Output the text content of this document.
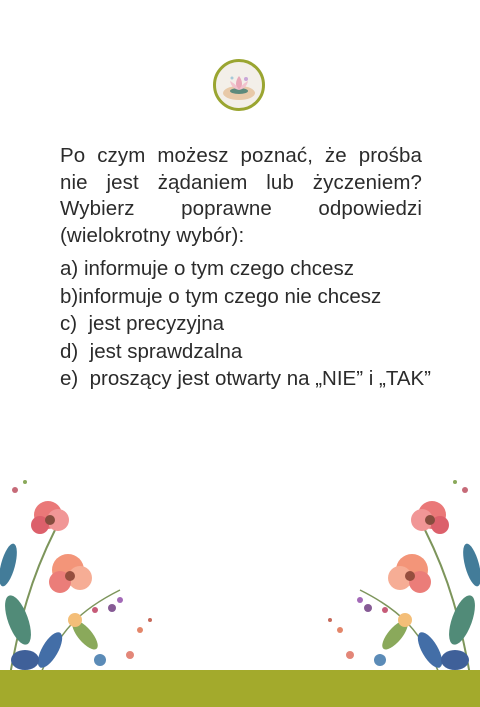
Po czym możesz poznać, że prośba nie jest żądaniem lub życzeniem? Wybierz poprawne odpowiedzi (wielokrotny wybór):

a) informuje o tym czego chcesz
b)informuje o tym czego nie chcesz
c) jest precyzyjna
d) jest sprawdzalna
e) proszący jest otwarty na „NIE” i „TAK”
